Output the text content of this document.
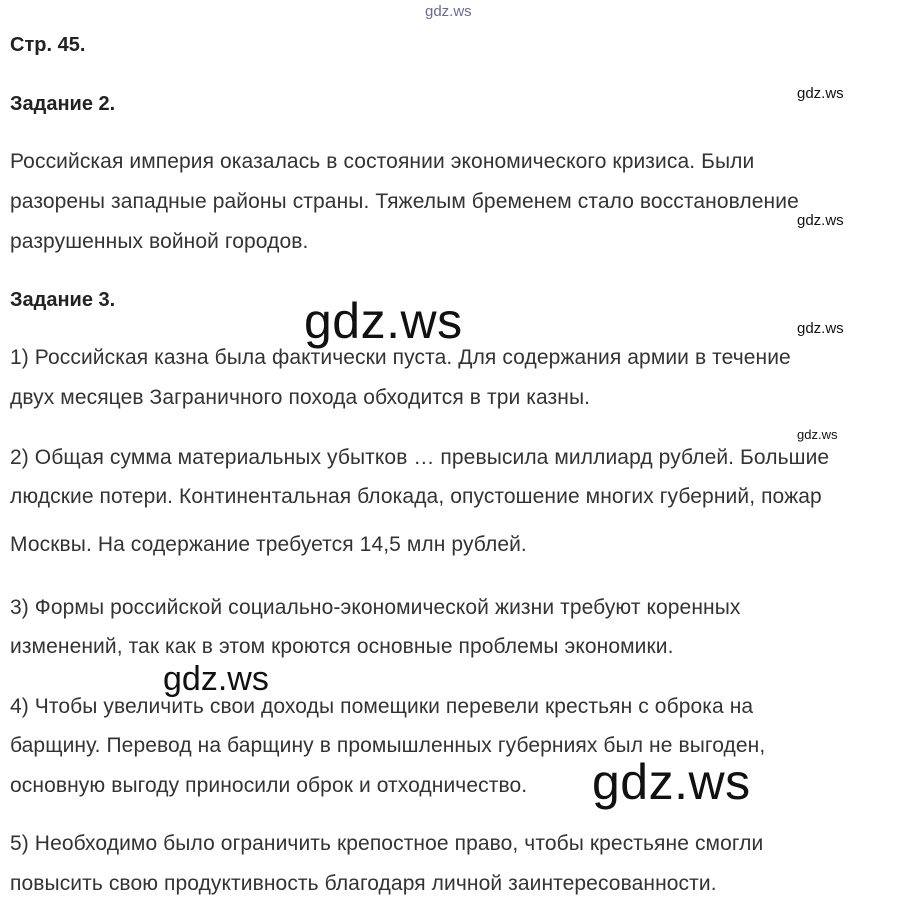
gdz.ws
gdz.ws
gdz.ws
gdz.ws
gdz.ws
Стр. 45.
Задание 2.
Российская империя оказалась в состоянии экономического кризиса. Были
разорены западные районы страны. Тяжелым бременем стало восстановление
разрушенных войной городов.
Задание 3.
1) Российская казна была фактически пуста. Для содержания армии в течение
двух месяцев Заграничного похода обходится в три казны.
2) Общая сумма материальных убытков … превысила миллиард рублей. Большие
людские потери. Континентальная блокада, опустошение многих губерний, пожар
Москвы. На содержание требуется 14,5 млн рублей.
3) Формы российской социально-экономической жизни требуют коренных
изменений, так как в этом кроются основные проблемы экономики.
4) Чтобы увеличить свои доходы помещики перевели крестьян с оброка на
барщину. Перевод на барщину в промышленных губерниях был не выгоден,
основную выгоду приносили оброк и отходничество.
5) Необходимо было ограничить крепостное право, чтобы крестьяне смогли
повысить свою продуктивность благодаря личной заинтересованности.
gdz.ws
gdz.ws
gdz.ws
